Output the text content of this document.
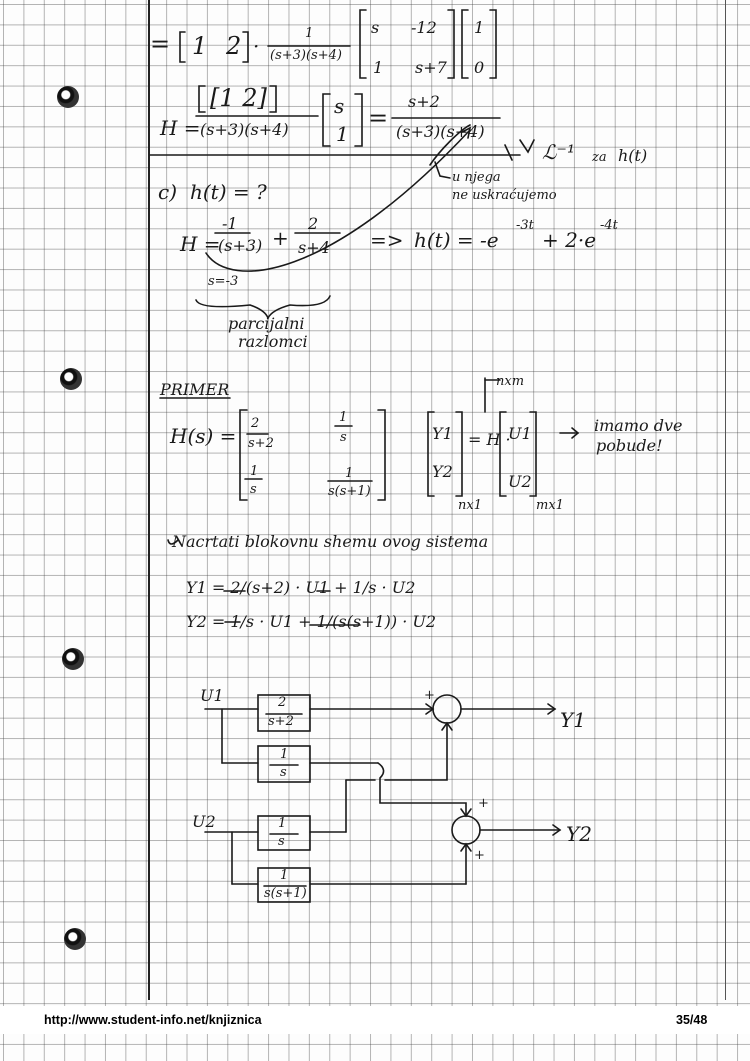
= 1 2 ·
1
(s+3)(s+4)
s -12
1 s+7
1
0
H =
[1 2]
(s+3)(s+4)
s
1
=
s+2
(s+3)(s+4)
ℒ⁻¹ za h(t)
u njega
ne uskraćujemo
c) h(t) = ?
H =
-1
(s+3) +
2
s+4 => h(t) = -e
-3t
+ 2·e
-4t
s=-3
parcijalni
razlomci
PRIMER
H(s) =
2
s+2
1
s
1
s
1
s(s+1)
Y1
Y2
= H ·
U1
U2
nx1
nxm
mx1
imamo dve
pobude!
Nacrtati blokovnu shemu ovog sistema
Y1 = 2/(s+2) · U1 + 1/s · U2
Y2 = 1/s · U1 + 1/(s(s+1)) · U2
U1
U2
Y1
Y2
2
s+2
1
s
1
s
1
s(s+1)
+
+
+
http://www.student-info.net/knjiznica	35/48
